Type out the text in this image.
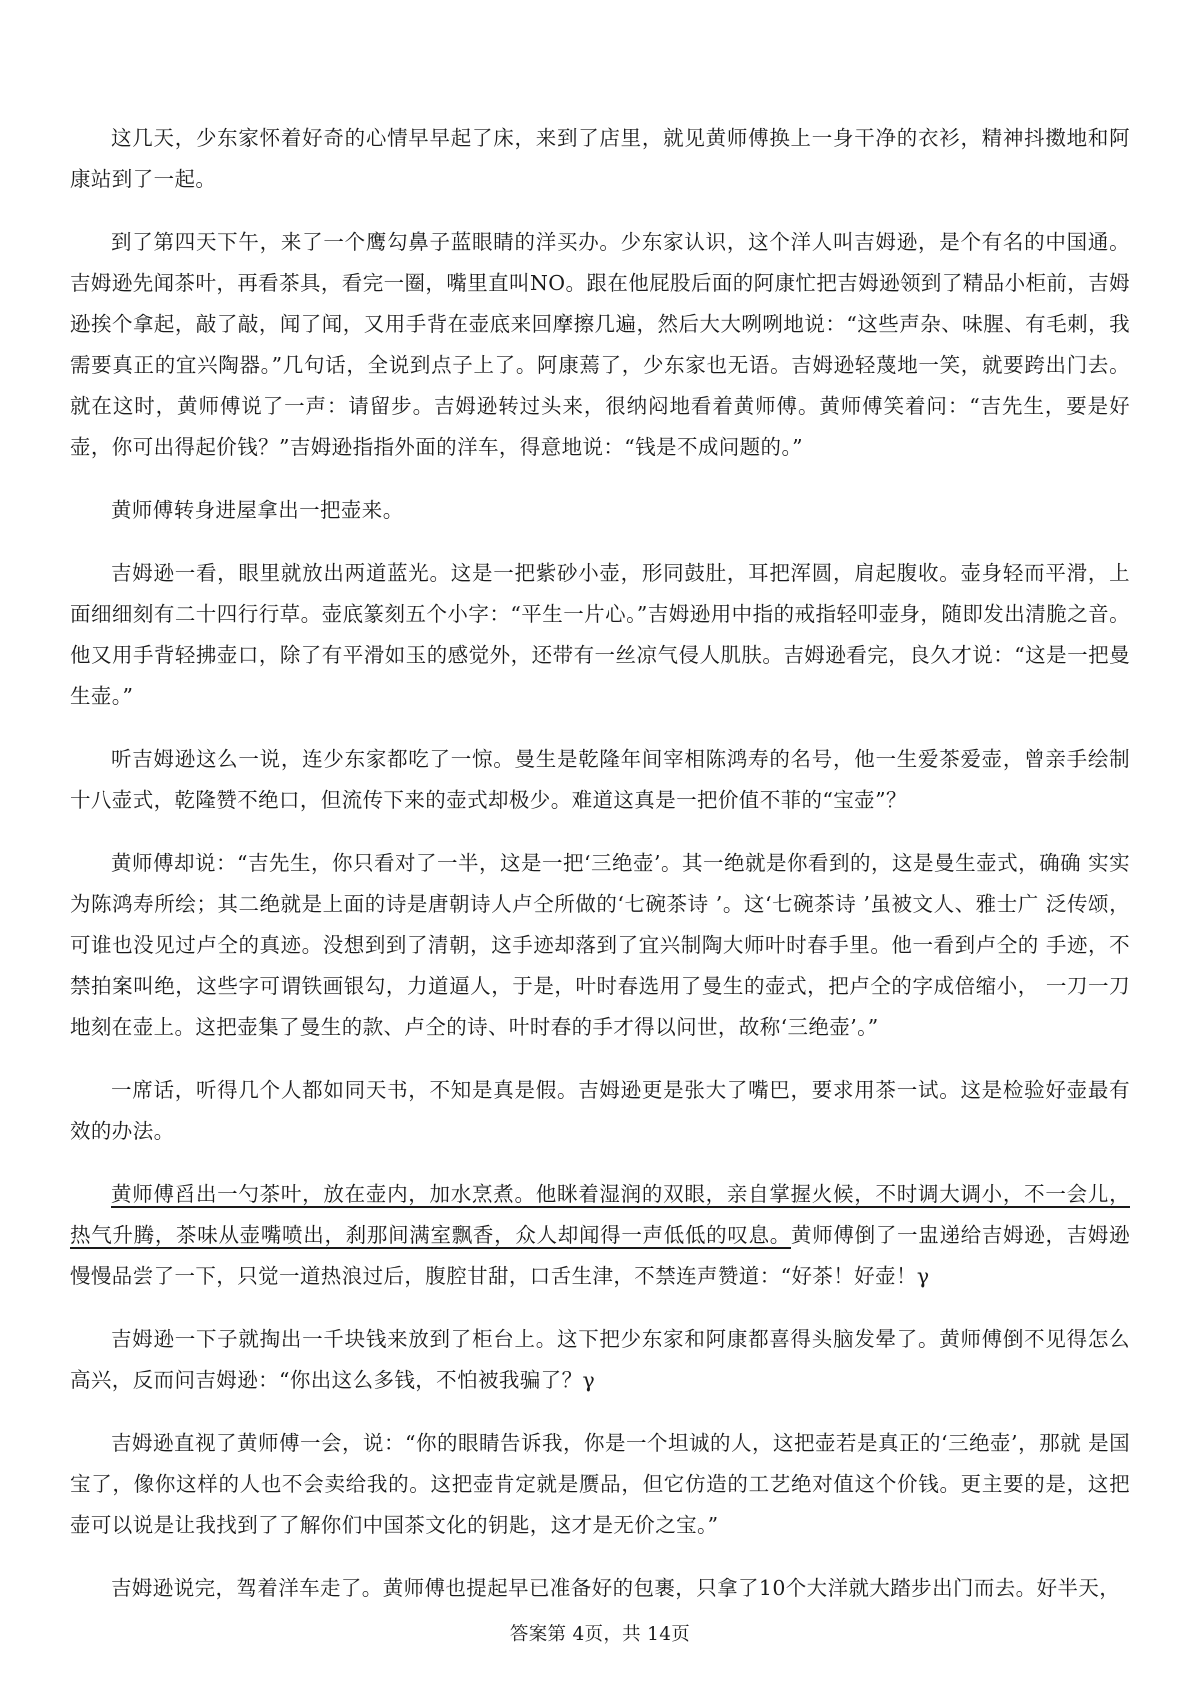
这几天，少东家怀着好奇的心情早早起了床，来到了店里，就见黄师傅换上一身干净的衣衫，精神抖擞地和阿康站到了一起。

到了第四天下午，来了一个鹰勾鼻子蓝眼睛的洋买办。少东家认识，这个洋人叫吉姆逊，是个有名的中国通。吉姆逊先闻茶叶，再看茶具，看完一圈，嘴里直叫NO。跟在他屁股后面的阿康忙把吉姆逊领到了精品小柜前，吉姆逊挨个拿起，敲了敲，闻了闻，又用手背在壶底来回摩擦几遍，然后大大咧咧地说：“这些声杂、味腥、有毛刺，我需要真正的宜兴陶器。”几句话，全说到点子上了。阿康蔫了，少东家也无语。吉姆逊轻蔑地一笑，就要跨出门去。就在这时，黄师傅说了一声：请留步。吉姆逊转过头来，很纳闷地看着黄师傅。黄师傅笑着问：“吉先生，要是好壶，你可出得起价钱？”吉姆逊指指外面的洋车，得意地说：“钱是不成问题的。”

黄师傅转身进屋拿出一把壶来。

吉姆逊一看，眼里就放出两道蓝光。这是一把紫砂小壶，形同鼓肚，耳把浑圆，肩起腹收。壶身轻而平滑，上面细细刻有二十四行行草。壶底篆刻五个小字：“平生一片心。”吉姆逊用中指的戒指轻叩壶身，随即发出清脆之音。他又用手背轻拂壶口，除了有平滑如玉的感觉外，还带有一丝凉气侵人肌肤。吉姆逊看完，良久才说：“这是一把曼生壶。”

听吉姆逊这么一说，连少东家都吃了一惊。曼生是乾隆年间宰相陈鸿寿的名号，他一生爱茶爱壶，曾亲手绘制十八壶式，乾隆赞不绝口，但流传下来的壶式却极少。难道这真是一把价值不菲的“宝壶”？

黄师傅却说：“吉先生，你只看对了一半，这是一把‘三绝壶’。其一绝就是你看到的，这是曼生壶式，确确 实实为陈鸿寿所绘；其二绝就是上面的诗是唐朝诗人卢仝所做的‘七碗茶诗 ’。这‘七碗茶诗 ’虽被文人、雅士广 泛传颂，可谁也没见过卢仝的真迹。没想到到了清朝，这手迹却落到了宜兴制陶大师叶时春手里。他一看到卢仝的 手迹，不禁拍案叫绝，这些字可谓铁画银勾，力道逼人，于是，叶时春选用了曼生的壶式，把卢仝的字成倍缩小， 一刀一刀地刻在壶上。这把壶集了曼生的款、卢仝的诗、叶时春的手才得以问世，故称‘三绝壶’。”

一席话，听得几个人都如同天书，不知是真是假。吉姆逊更是张大了嘴巴，要求用茶一试。这是检验好壶最有效的办法。

黄师傅舀出一勺茶叶，放在壶内，加水烹煮。他眯着湿润的双眼，亲自掌握火候，不时调大调小，不一会儿，热气升腾，茶味从壶嘴喷出，刹那间满室飘香，众人却闻得一声低低的叹息。黄师傅倒了一盅递给吉姆逊，吉姆逊慢慢品尝了一下，只觉一道热浪过后，腹腔甘甜，口舌生津，不禁连声赞道：“好茶！好壶！γ

吉姆逊一下子就掏出一千块钱来放到了柜台上。这下把少东家和阿康都喜得头脑发晕了。黄师傅倒不见得怎么高兴，反而问吉姆逊：“你出这么多钱，不怕被我骗了？γ

吉姆逊直视了黄师傅一会，说：“你的眼睛告诉我，你是一个坦诚的人，这把壶若是真正的‘三绝壶’，那就 是国宝了，像你这样的人也不会卖给我的。这把壶肯定就是赝品，但它仿造的工艺绝对值这个价钱。更主要的是，这把壶可以说是让我找到了了解你们中国茶文化的钥匙，这才是无价之宝。”

吉姆逊说完，驾着洋车走了。黄师傅也提起早已准备好的包裹，只拿了10个大洋就大踏步出门而去。好半天，

答案第 4页，共 14页
